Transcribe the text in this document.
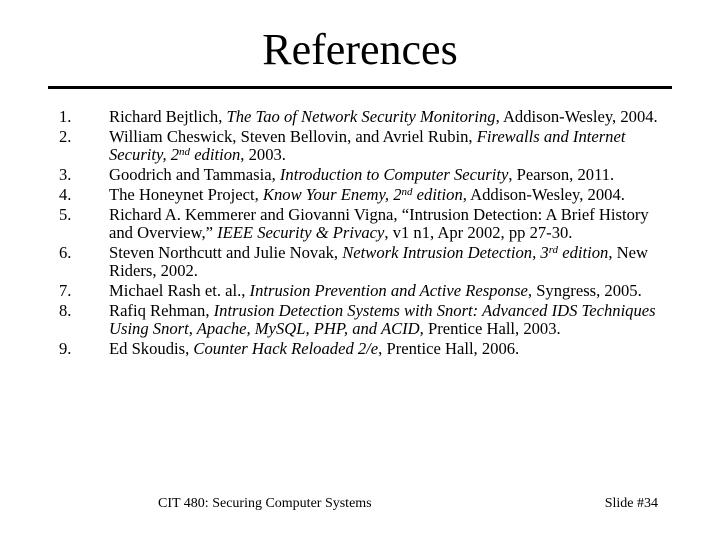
References
1. Richard Bejtlich, The Tao of Network Security Monitoring, Addison-Wesley, 2004.
2. William Cheswick, Steven Bellovin, and Avriel Rubin, Firewalls and Internet Security, 2nd edition, 2003.
3. Goodrich and Tammasia, Introduction to Computer Security, Pearson, 2011.
4. The Honeynet Project, Know Your Enemy, 2nd edition, Addison-Wesley, 2004.
5. Richard A. Kemmerer and Giovanni Vigna, “Intrusion Detection: A Brief History and Overview,” IEEE Security & Privacy, v1 n1, Apr 2002, pp 27-30.
6. Steven Northcutt and Julie Novak, Network Intrusion Detection, 3rd edition, New Riders, 2002.
7. Michael Rash et. al., Intrusion Prevention and Active Response, Syngress, 2005.
8. Rafiq Rehman, Intrusion Detection Systems with Snort: Advanced IDS Techniques Using Snort, Apache, MySQL, PHP, and ACID, Prentice Hall, 2003.
9. Ed Skoudis, Counter Hack Reloaded 2/e, Prentice Hall, 2006.
CIT 480: Securing Computer Systems	Slide #34
